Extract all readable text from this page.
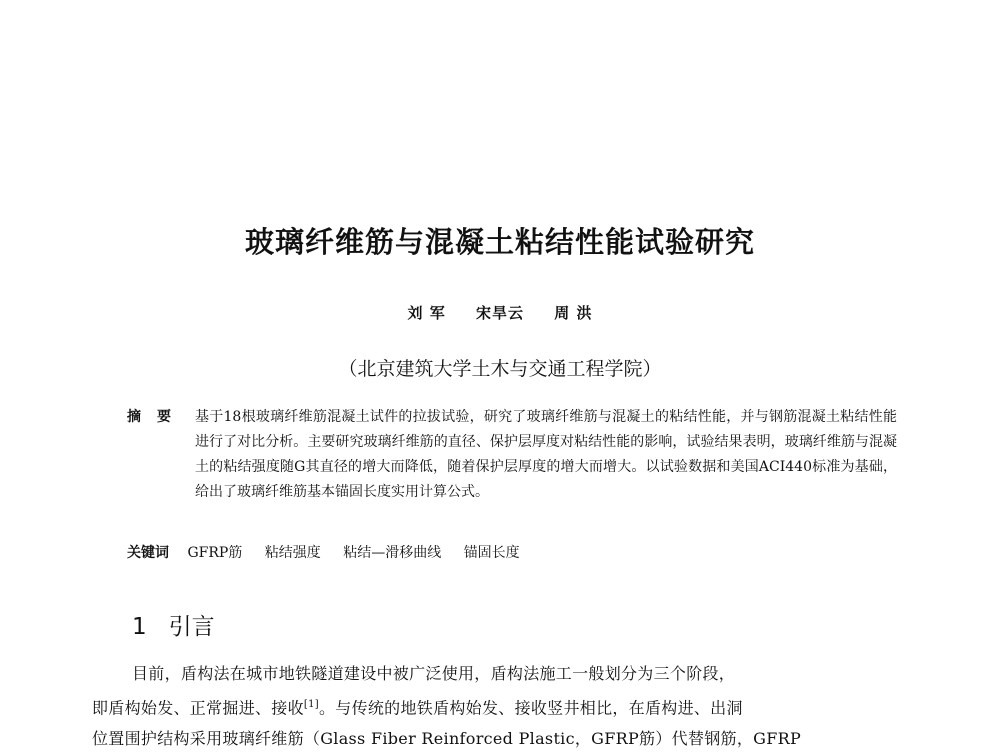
玻璃纤维筋与混凝土粘结性能试验研究
刘 军 宋旱云 周 洪
（北京建筑大学土木与交通工程学院）
摘要 基于18根玻璃纤维筋混凝土试件的拉拔试验，研究了玻璃纤维筋与混凝土的粘结性能，并与钢筋混凝土粘结性能进行了对比分析。主要研究玻璃纤维筋的直径、保护层厚度对粘结性能的影响，试验结果表明，玻璃纤维筋与混凝土的粘结强度随G其直径的增大而降低，随着保护层厚度的增大而增大。以试验数据和美国ACI440标准为基础，给出了玻璃纤维筋基本锚固长度实用计算公式。
关键词 GFRP筋 粘结强度 粘结—滑移曲线 锚固长度
1 引言
目前，盾构法在城市地铁隧道建设中被广泛使用，盾构法施工一般划分为三个阶段，
即盾构始发、正常掘进、接收[1]。与传统的地铁盾构始发、接收竖井相比，在盾构进、出洞
位置围护结构采用玻璃纤维筋（Glass Fiber Reinforced Plastic，GFRP筋）代替钢筋，GFRP
